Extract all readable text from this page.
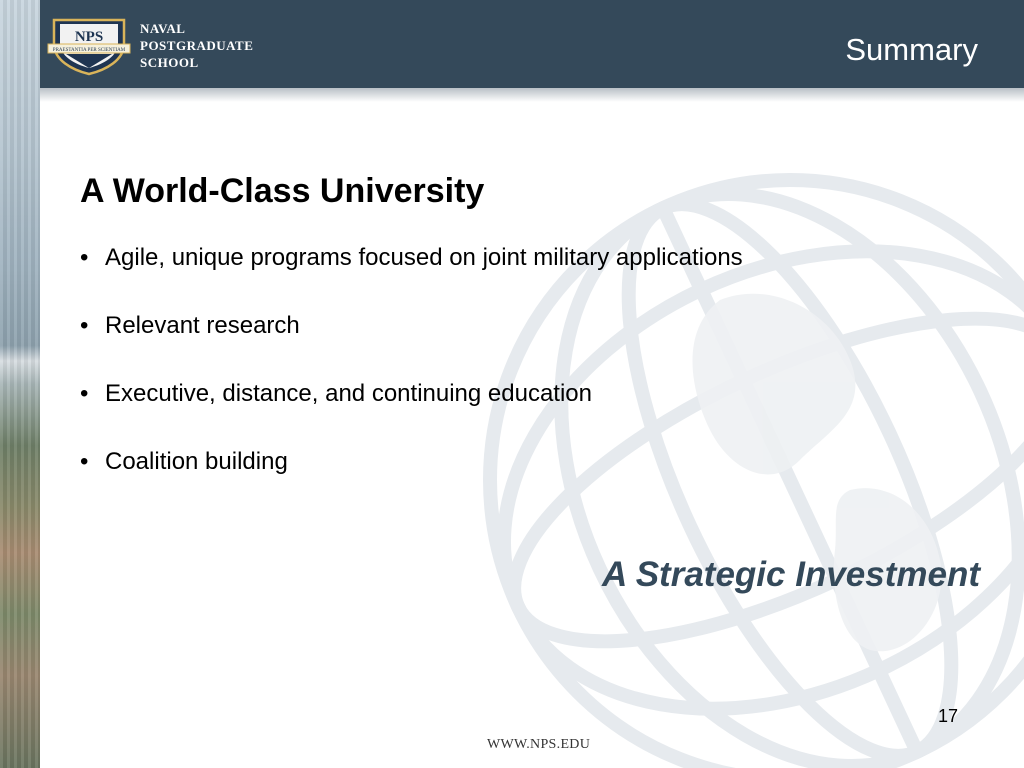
NPS
PRAESTANTIA PER SCIENTIAM
NAVAL
POSTGRADUATE
SCHOOL	Summary
A World-Class University
• Agile, unique programs focused on joint military applications
• Relevant research
• Executive, distance, and continuing education
• Coalition building
A Strategic Investment
17
WWW.NPS.EDU
